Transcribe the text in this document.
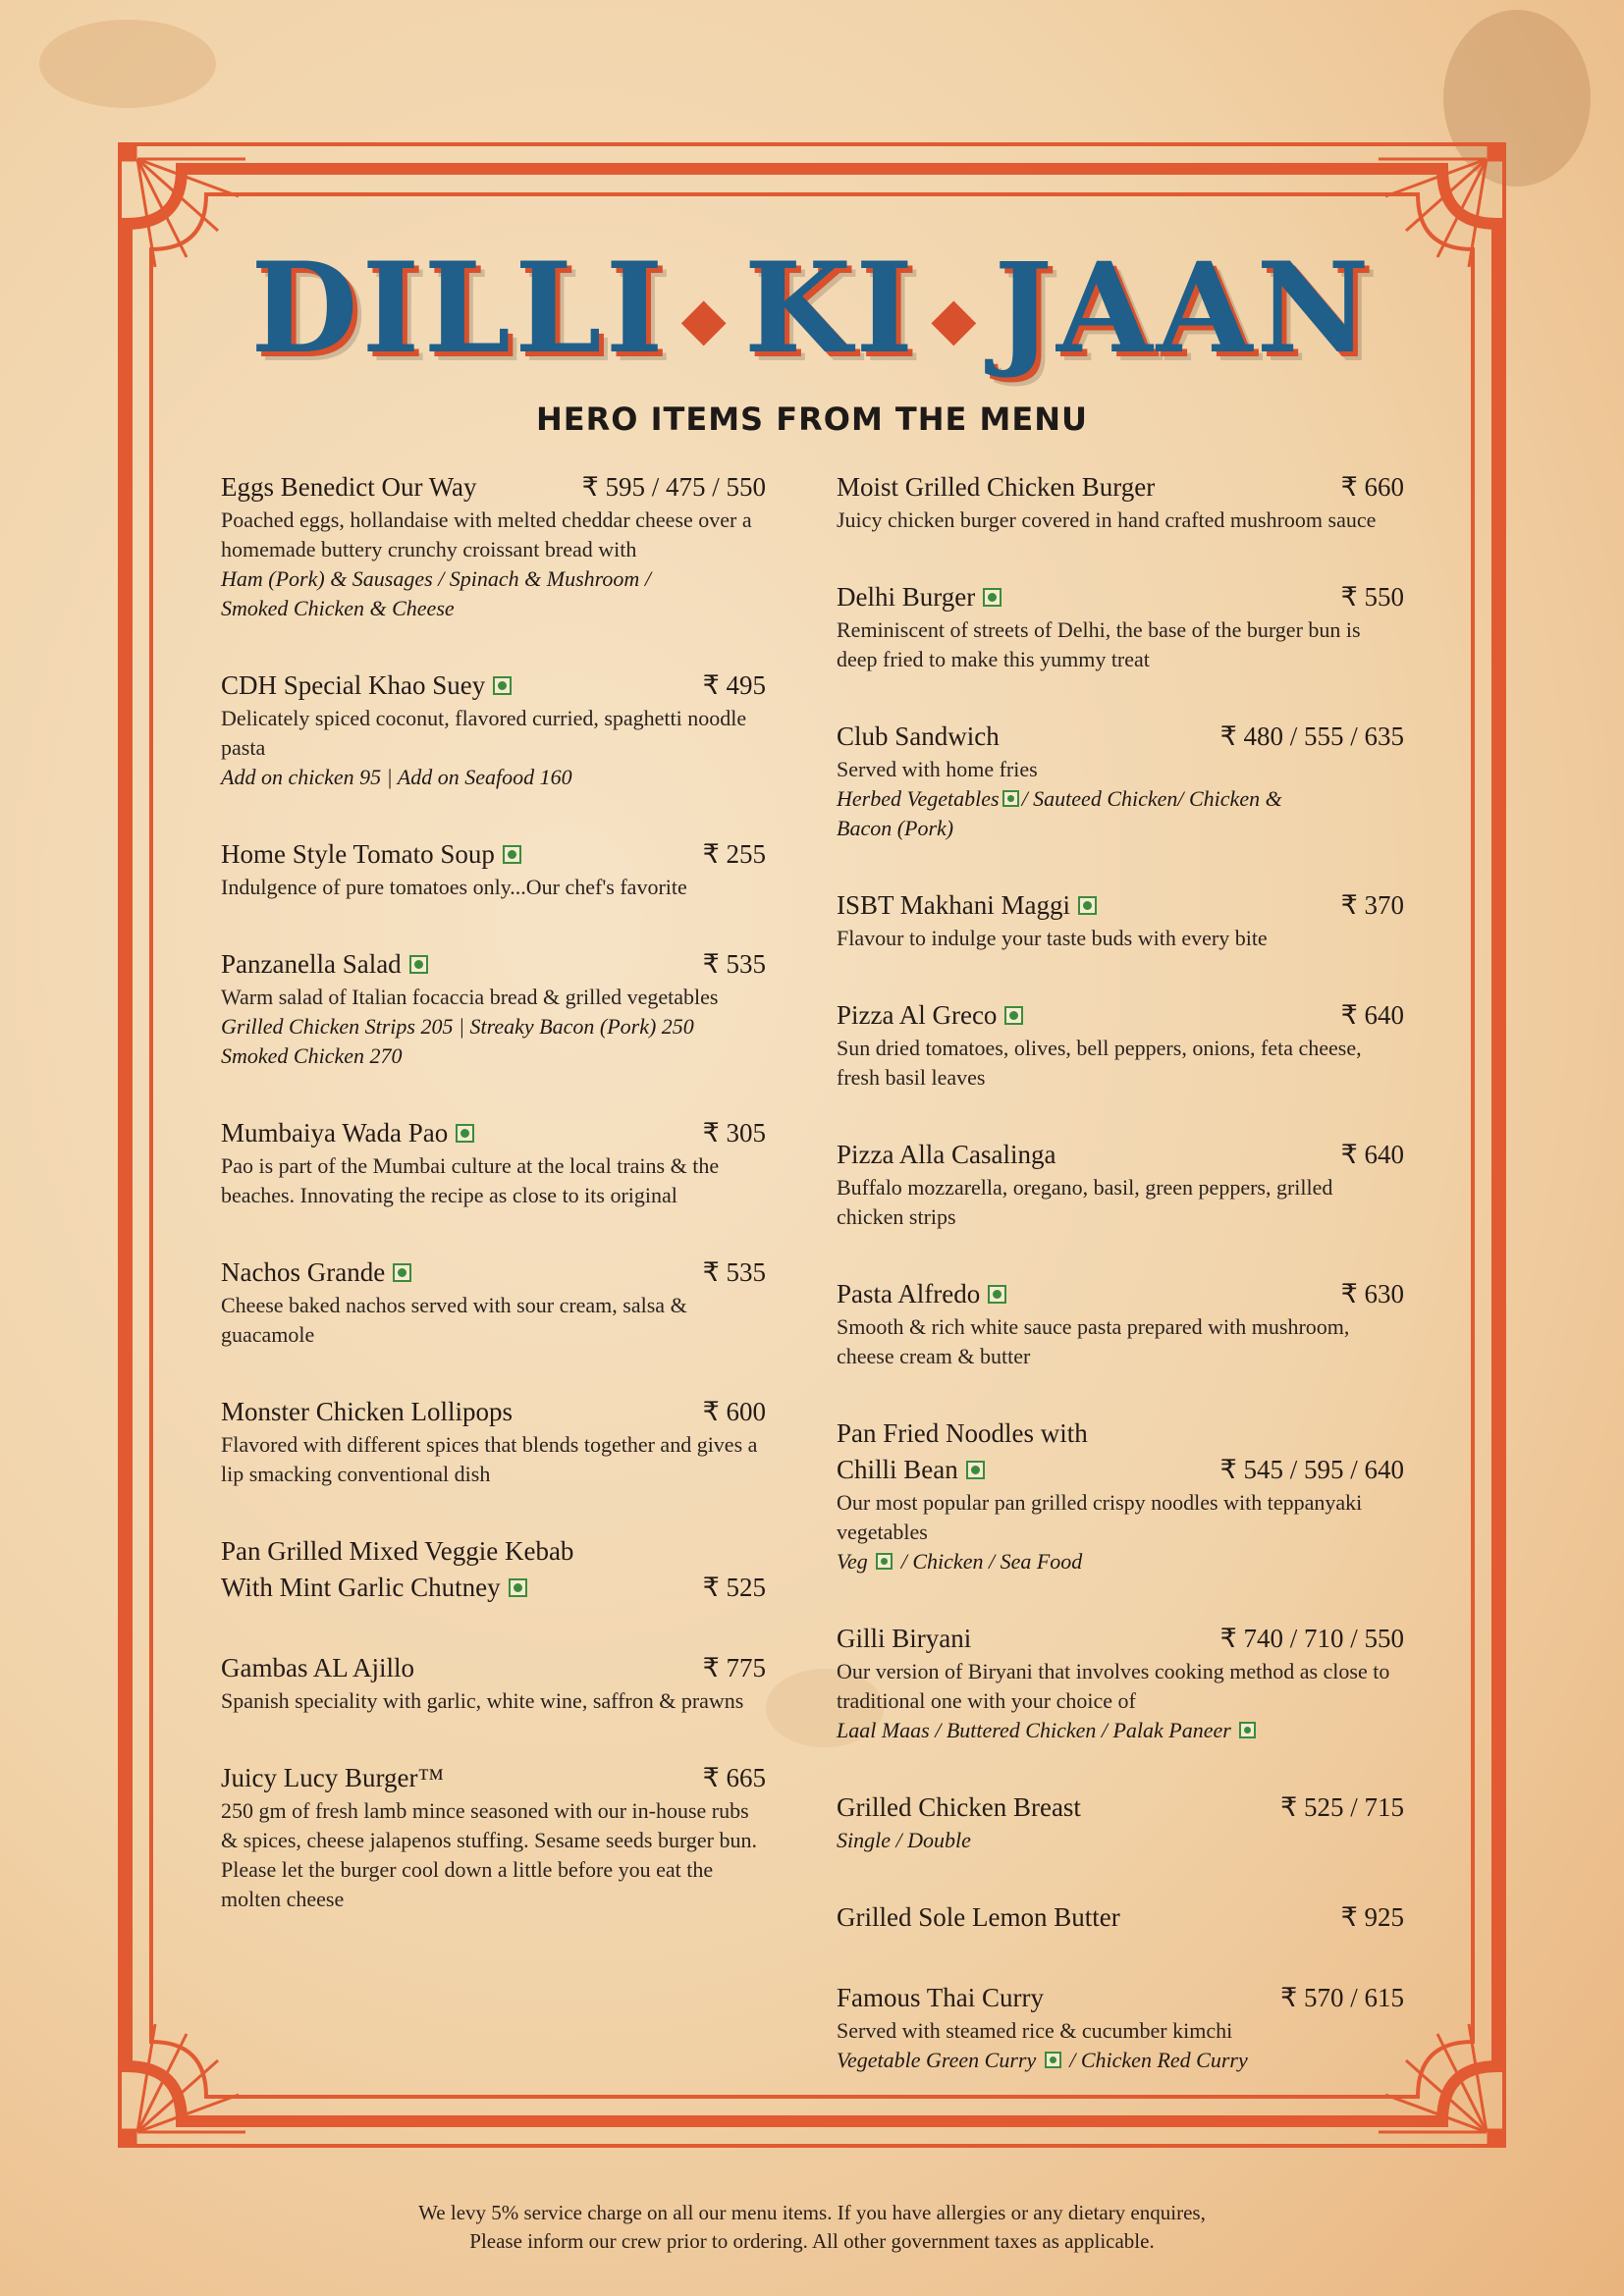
DILLI ◆ KI ◆ JAAN
HERO ITEMS FROM THE MENU
Eggs Benedict Our Way	₹ 595 / 475 / 550
Poached eggs, hollandaise with melted cheddar cheese over a homemade buttery crunchy croissant bread with
Ham (Pork) & Sausages / Spinach & Mushroom /
Smoked Chicken & Cheese
CDH Special Khao Suey	₹ 495
Delicately spiced coconut, flavored curried, spaghetti noodle pasta
Add on chicken 95 | Add on Seafood 160
Home Style Tomato Soup	₹ 255
Indulgence of pure tomatoes only...Our chef's favorite
Panzanella Salad	₹ 535
Warm salad of Italian focaccia bread & grilled vegetables
Grilled Chicken Strips 205 | Streaky Bacon (Pork) 250
Smoked Chicken 270
Mumbaiya Wada Pao	₹ 305
Pao is part of the Mumbai culture at the local trains & the beaches. Innovating the recipe as close to its original
Nachos Grande	₹ 535
Cheese baked nachos served with sour cream, salsa & guacamole
Monster Chicken Lollipops	₹ 600
Flavored with different spices that blends together and gives a lip smacking conventional dish
Pan Grilled Mixed Veggie Kebab
With Mint Garlic Chutney	₹ 525
Gambas AL Ajillo	₹ 775
Spanish speciality with garlic, white wine, saffron & prawns
Juicy Lucy Burger™	₹ 665
250 gm of fresh lamb mince seasoned with our in-house rubs & spices, cheese jalapenos stuffing. Sesame seeds burger bun. Please let the burger cool down a little before you eat the molten cheese
Moist Grilled Chicken Burger	₹ 660
Juicy chicken burger covered in hand crafted mushroom sauce
Delhi Burger	₹ 550
Reminiscent of streets of Delhi, the base of the burger bun is deep fried to make this yummy treat
Club Sandwich	₹ 480 / 555 / 635
Served with home fries
Herbed Vegetables / Sauteed Chicken/ Chicken &
Bacon (Pork)
ISBT Makhani Maggi	₹ 370
Flavour to indulge your taste buds with every bite
Pizza Al Greco	₹ 640
Sun dried tomatoes, olives, bell peppers, onions, feta cheese, fresh basil leaves
Pizza Alla Casalinga	₹ 640
Buffalo mozzarella, oregano, basil, green peppers, grilled chicken strips
Pasta Alfredo	₹ 630
Smooth & rich white sauce pasta prepared with mushroom, cheese cream & butter
Pan Fried Noodles with
Chilli Bean	₹ 545 / 595 / 640
Our most popular pan grilled crispy noodles with teppanyaki vegetables
Veg  / Chicken / Sea Food
Gilli Biryani	₹ 740 / 710 / 550
Our version of Biryani that involves cooking method as close to traditional one with your choice of
Laal Maas / Buttered Chicken / Palak Paneer
Grilled Chicken Breast	₹ 525 / 715
Single / Double
Grilled Sole Lemon Butter	₹ 925
Famous Thai Curry	₹ 570 / 615
Served with steamed rice & cucumber kimchi
Vegetable Green Curry  / Chicken Red Curry
We levy 5% service charge on all our menu items. If you have allergies or any dietary enquires,
Please inform our crew prior to ordering. All other government taxes as applicable.
